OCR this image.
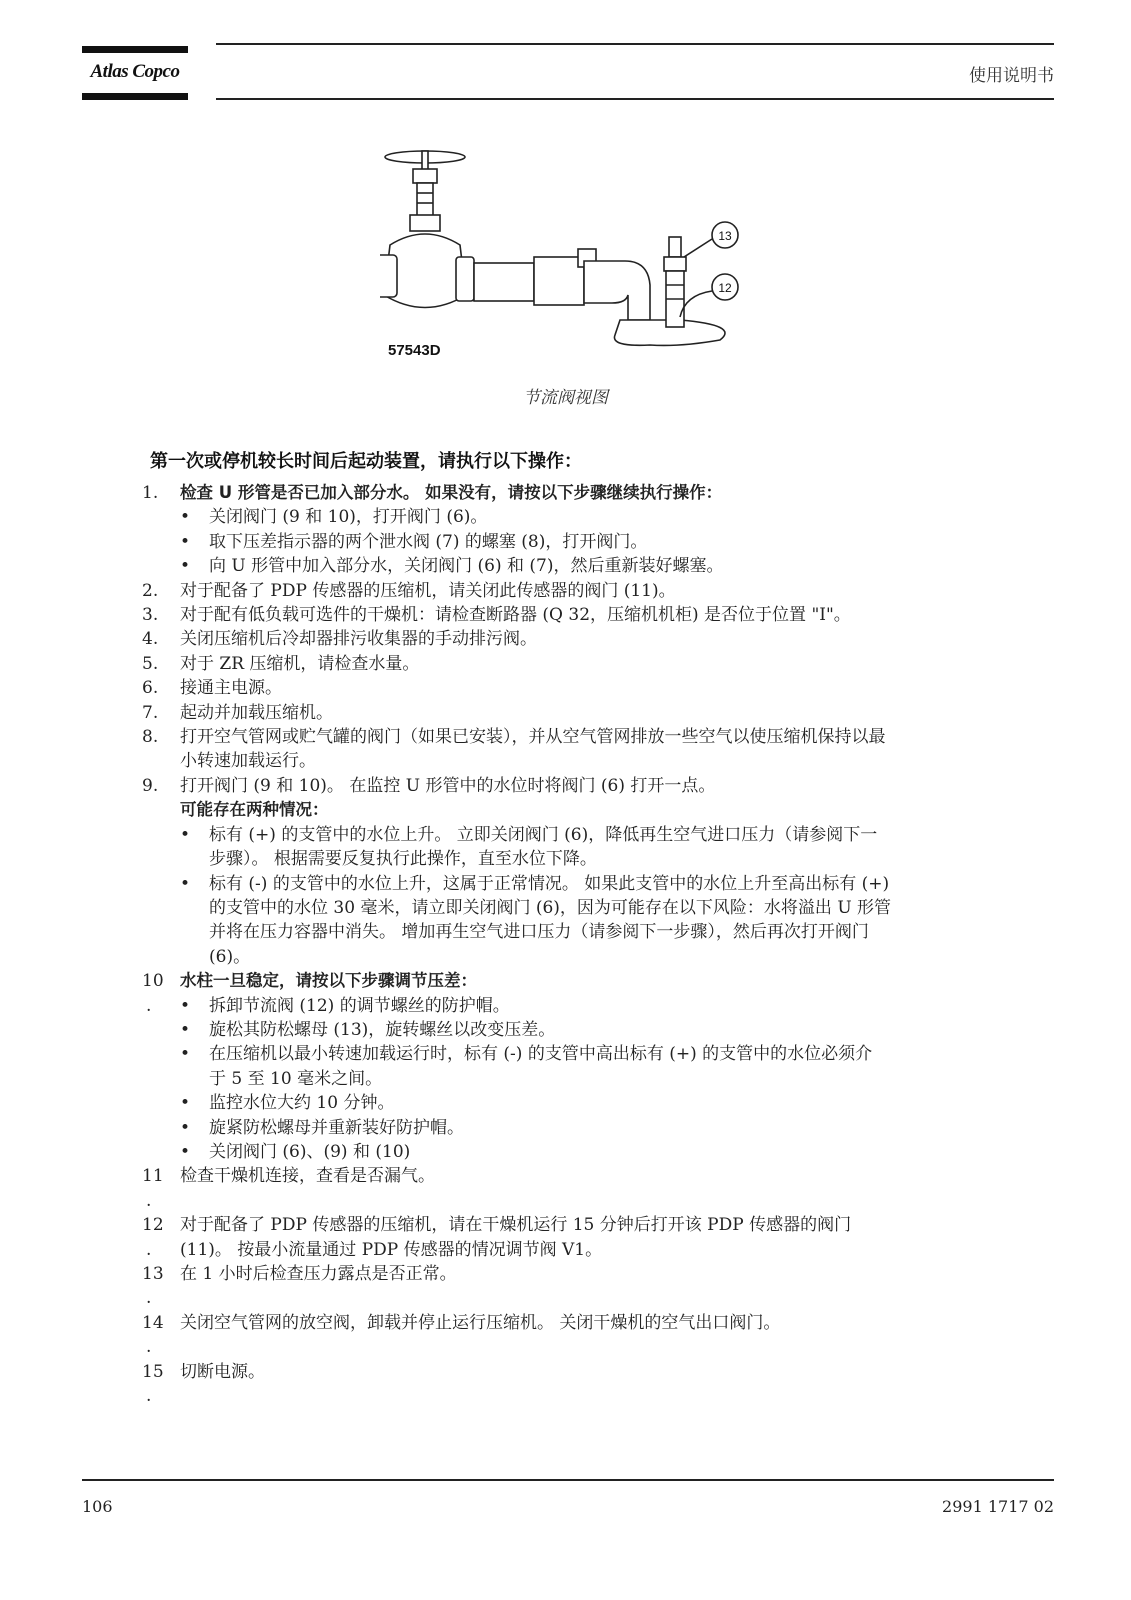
Atlas Copco	使用说明书
13
12
57543D
节流阀视图
第一次或停机较长时间后起动装置，请执行以下操作：
1.	检查 U 形管是否已加入部分水。 如果没有，请按以下步骤继续执行操作：
• 关闭阀门 (9 和 10)，打开阀门 (6)。
• 取下压差指示器的两个泄水阀 (7) 的螺塞 (8)，打开阀门。
• 向 U 形管中加入部分水，关闭阀门 (6) 和 (7)，然后重新装好螺塞。
2.	对于配备了 PDP 传感器的压缩机，请关闭此传感器的阀门 (11)。
3.	对于配有低负载可选件的干燥机：请检查断路器 (Q 32，压缩机机柜) 是否位于位置 "I"。
4.	关闭压缩机后冷却器排污收集器的手动排污阀。
5.	对于 ZR 压缩机，请检查水量。
6.	接通主电源。
7.	起动并加载压缩机。
8.	打开空气管网或贮气罐的阀门（如果已安装），并从空气管网排放一些空气以使压缩机保持以最
小转速加载运行。
9.	打开阀门 (9 和 10)。 在监控 U 形管中的水位时将阀门 (6) 打开一点。
可能存在两种情况：
• 标有 (+) 的支管中的水位上升。 立即关闭阀门 (6)，降低再生空气进口压力（请参阅下一
步骤）。 根据需要反复执行此操作，直至水位下降。
• 标有 (-) 的支管中的水位上升，这属于正常情况。 如果此支管中的水位上升至高出标有 (+)
的支管中的水位 30 毫米，请立即关闭阀门 (6)，因为可能存在以下风险：水将溢出 U 形管
并将在压力容器中消失。 增加再生空气进口压力（请参阅下一步骤），然后再次打开阀门
(6)。
10
.
水柱一旦稳定，请按以下步骤调节压差：
• 拆卸节流阀 (12) 的调节螺丝的防护帽。
• 旋松其防松螺母 (13)，旋转螺丝以改变压差。
• 在压缩机以最小转速加载运行时，标有 (-) 的支管中高出标有 (+) 的支管中的水位必须介
于 5 至 10 毫米之间。
• 监控水位大约 10 分钟。
• 旋紧防松螺母并重新装好防护帽。
• 关闭阀门 (6)、(9) 和 (10)
11
.
检查干燥机连接，查看是否漏气。

12
.
对于配备了 PDP 传感器的压缩机，请在干燥机运行 15 分钟后打开该 PDP 传感器的阀门
(11)。 按最小流量通过 PDP 传感器的情况调节阀 V1。
13
.
在 1 小时后检查压力露点是否正常。

14
.
关闭空气管网的放空阀，卸载并停止运行压缩机。 关闭干燥机的空气出口阀门。

15
.
切断电源。

106	2991 1717 02
